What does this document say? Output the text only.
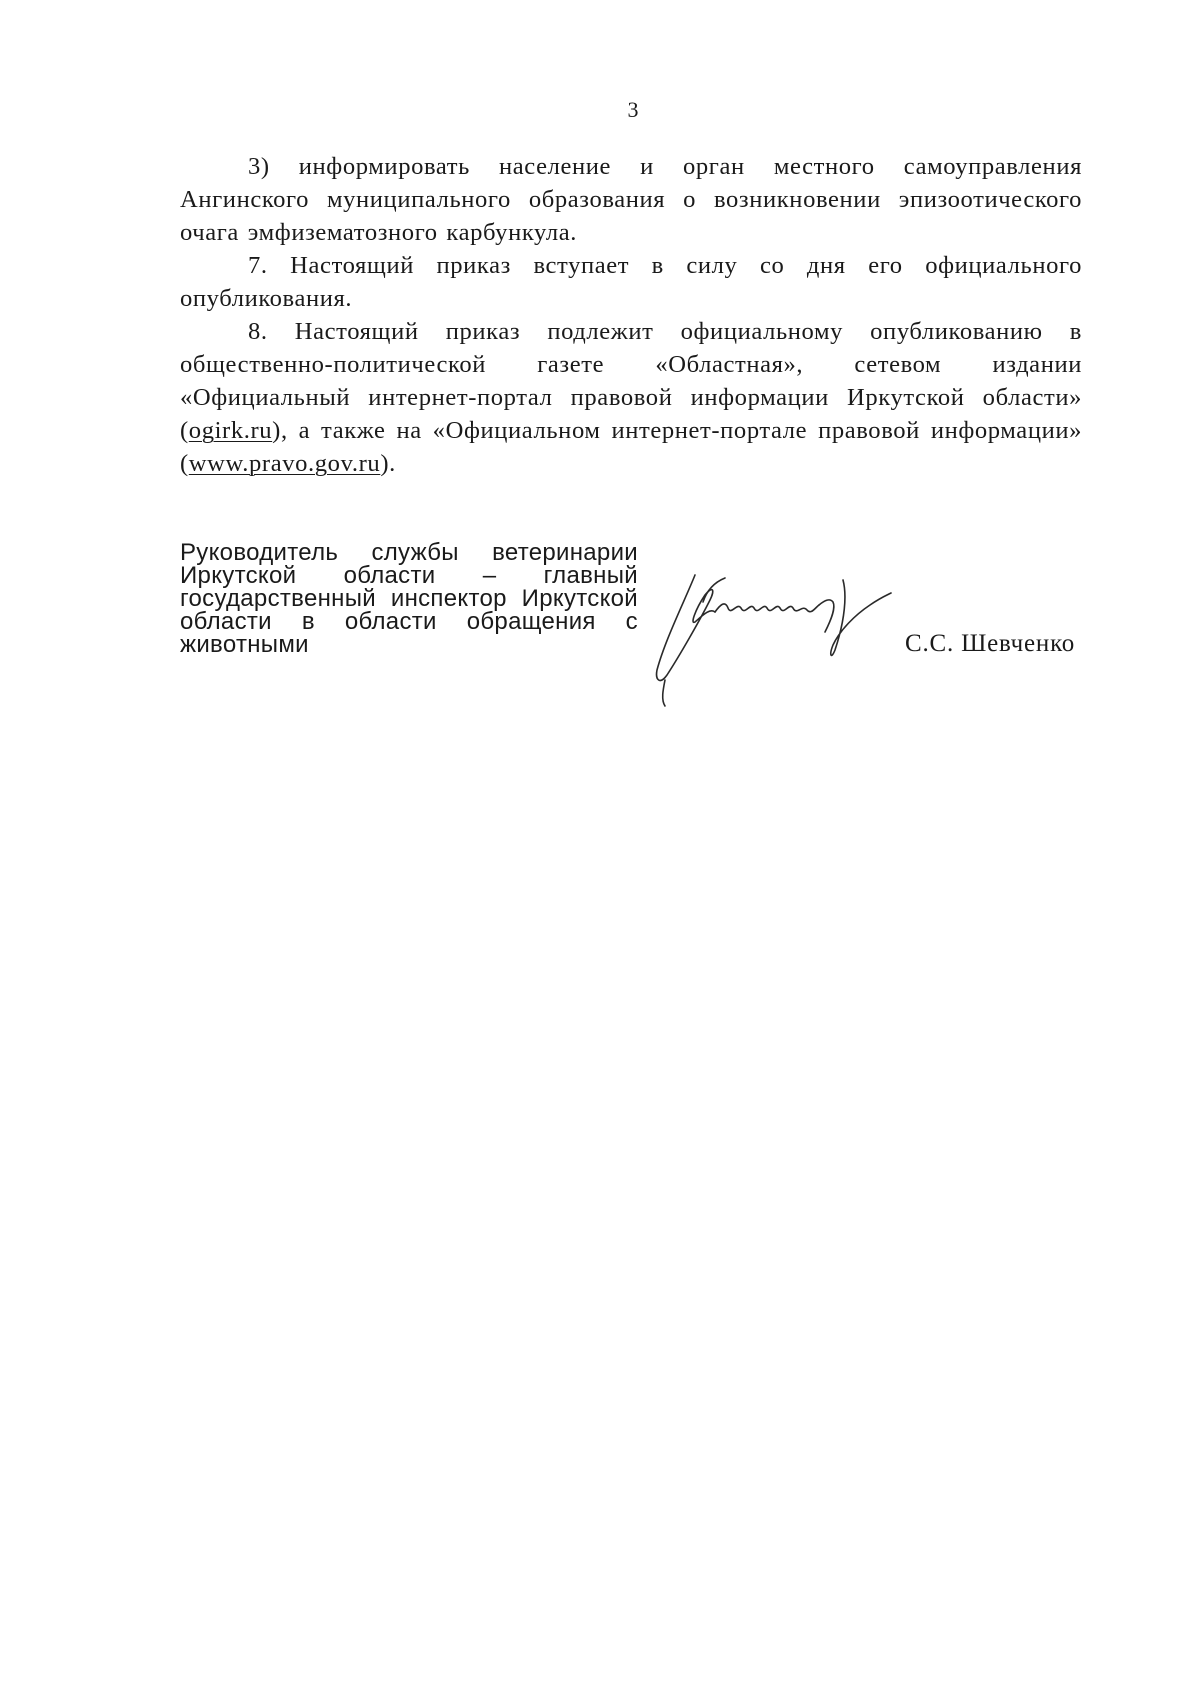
3

3) информировать население и орган местного самоуправления Ангинского муниципального образования о возникновении эпизоотического очага эмфизематозного карбункула.

7. Настоящий приказ вступает в силу со дня его официального опубликования.

8. Настоящий приказ подлежит официальному опубликованию в общественно-политической газете «Областная», сетевом издании «Официальный интернет-портал правовой информации Иркутской области» (ogirk.ru), а также на «Официальном интернет-портале правовой информации» (www.pravo.gov.ru).

Руководитель службы ветеринарии Иркутской области – главный государственный инспектор Иркутской области в области обращения с животными	С.С. Шевченко
